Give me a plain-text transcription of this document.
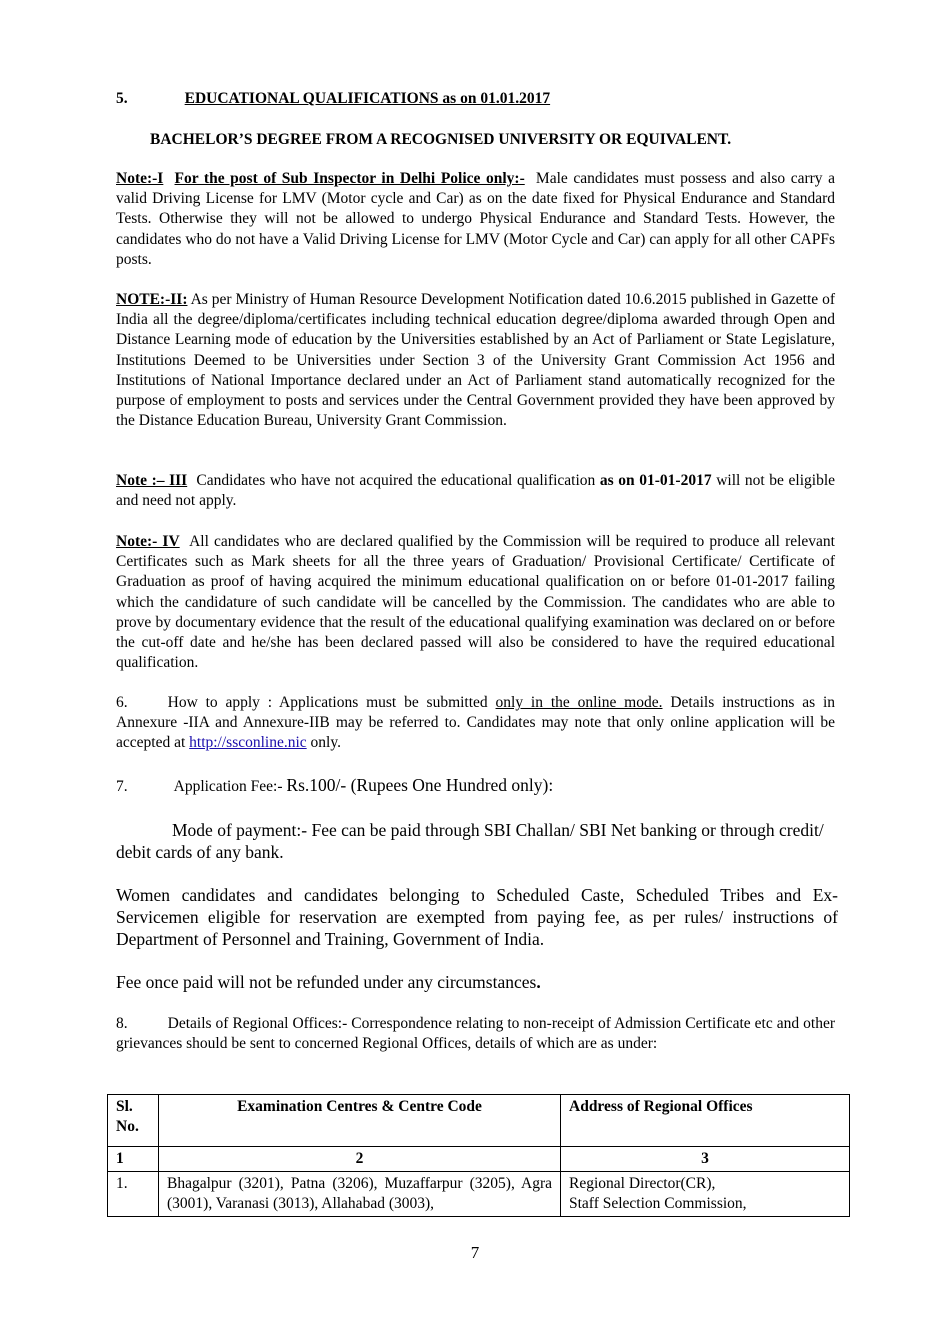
5.	EDUCATIONAL QUALIFICATIONS as on 01.01.2017
BACHELOR’S DEGREE FROM A RECOGNISED UNIVERSITY OR EQUIVALENT.
Note:-I For the post of Sub Inspector in Delhi Police only:- Male candidates must possess and also carry a valid Driving License for LMV (Motor cycle and Car) as on the date fixed for Physical Endurance and Standard Tests. Otherwise they will not be allowed to undergo Physical Endurance and Standard Tests. However, the candidates who do not have a Valid Driving License for LMV (Motor Cycle and Car) can apply for all other CAPFs posts.
NOTE:-II: As per Ministry of Human Resource Development Notification dated 10.6.2015 published in Gazette of India all the degree/diploma/certificates including technical education degree/diploma awarded through Open and Distance Learning mode of education by the Universities established by an Act of Parliament or State Legislature, Institutions Deemed to be Universities under Section 3 of the University Grant Commission Act 1956 and Institutions of National Importance declared under an Act of Parliament stand automatically recognized for the purpose of employment to posts and services under the Central Government provided they have been approved by the Distance Education Bureau, University Grant Commission.
Note :– III Candidates who have not acquired the educational qualification as on 01-01-2017 will not be eligible and need not apply.
Note:- IV All candidates who are declared qualified by the Commission will be required to produce all relevant Certificates such as Mark sheets for all the three years of Graduation/ Provisional Certificate/ Certificate of Graduation as proof of having acquired the minimum educational qualification on or before 01-01-2017 failing which the candidature of such candidate will be cancelled by the Commission. The candidates who are able to prove by documentary evidence that the result of the educational qualifying examination was declared on or before the cut-off date and he/she has been declared passed will also be considered to have the required educational qualification.
6.	How to apply : Applications must be submitted only in the online mode. Details instructions as in Annexure -IIA and Annexure-IIB may be referred to. Candidates may note that only online application will be accepted at http://ssconline.nic only.
7.	Application Fee:- Rs.100/- (Rupees One Hundred only):
Mode of payment:- Fee can be paid through SBI Challan/ SBI Net banking or through credit/ debit cards of any bank.
Women candidates and candidates belonging to Scheduled Caste, Scheduled Tribes and Ex-Servicemen eligible for reservation are exempted from paying fee, as per rules/ instructions of Department of Personnel and Training, Government of India.
Fee once paid will not be refunded under any circumstances.
8.	Details of Regional Offices:- Correspondence relating to non-receipt of Admission Certificate etc and other grievances should be sent to concerned Regional Offices, details of which are as under:
Sl. No.	Examination Centres & Centre Code	Address of Regional Offices
1	2	3
1.	Bhagalpur (3201), Patna (3206), Muzaffarpur (3205), Agra (3001), Varanasi (3013), Allahabad (3003),	Regional Director(CR),
Staff Selection Commission,
7
